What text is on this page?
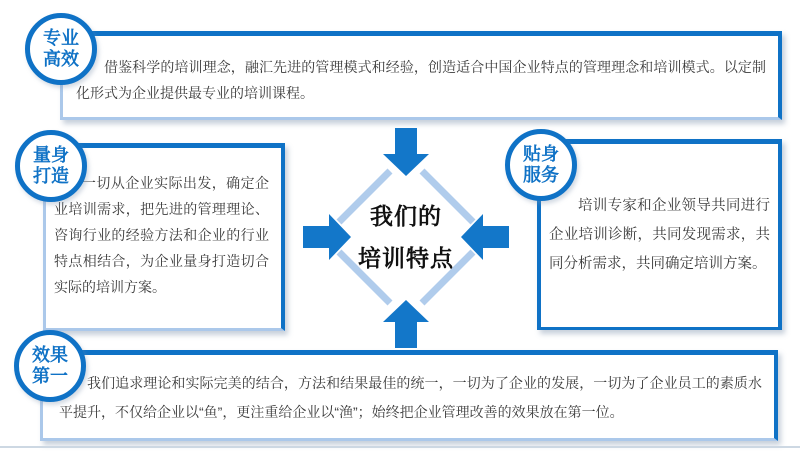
借鉴科学的培训理念，融汇先进的管理模式和经验，创造适合中国企业特点的管理理念和培训模式。以定制化形式为企业提供最专业的培训课程。

专业
高效

一切从企业实际出发，确定企业培训需求，把先进的管理理论、咨询行业的经验方法和企业的行业特点相结合，为企业量身打造切合实际的培训方案。

量身
打造

培训专家和企业领导共同进行企业培训诊断，共同发现需求，共同分析需求，共同确定培训方案。

贴身
服务

我们追求理论和实际完美的结合，方法和结果最佳的统一，一切为了企业的发展，一切为了企业员工的素质水平提升，不仅给企业以“鱼”，更注重给企业以“渔”；始终把企业管理改善的效果放在第一位。

效果
第一
我们的
培训特点
